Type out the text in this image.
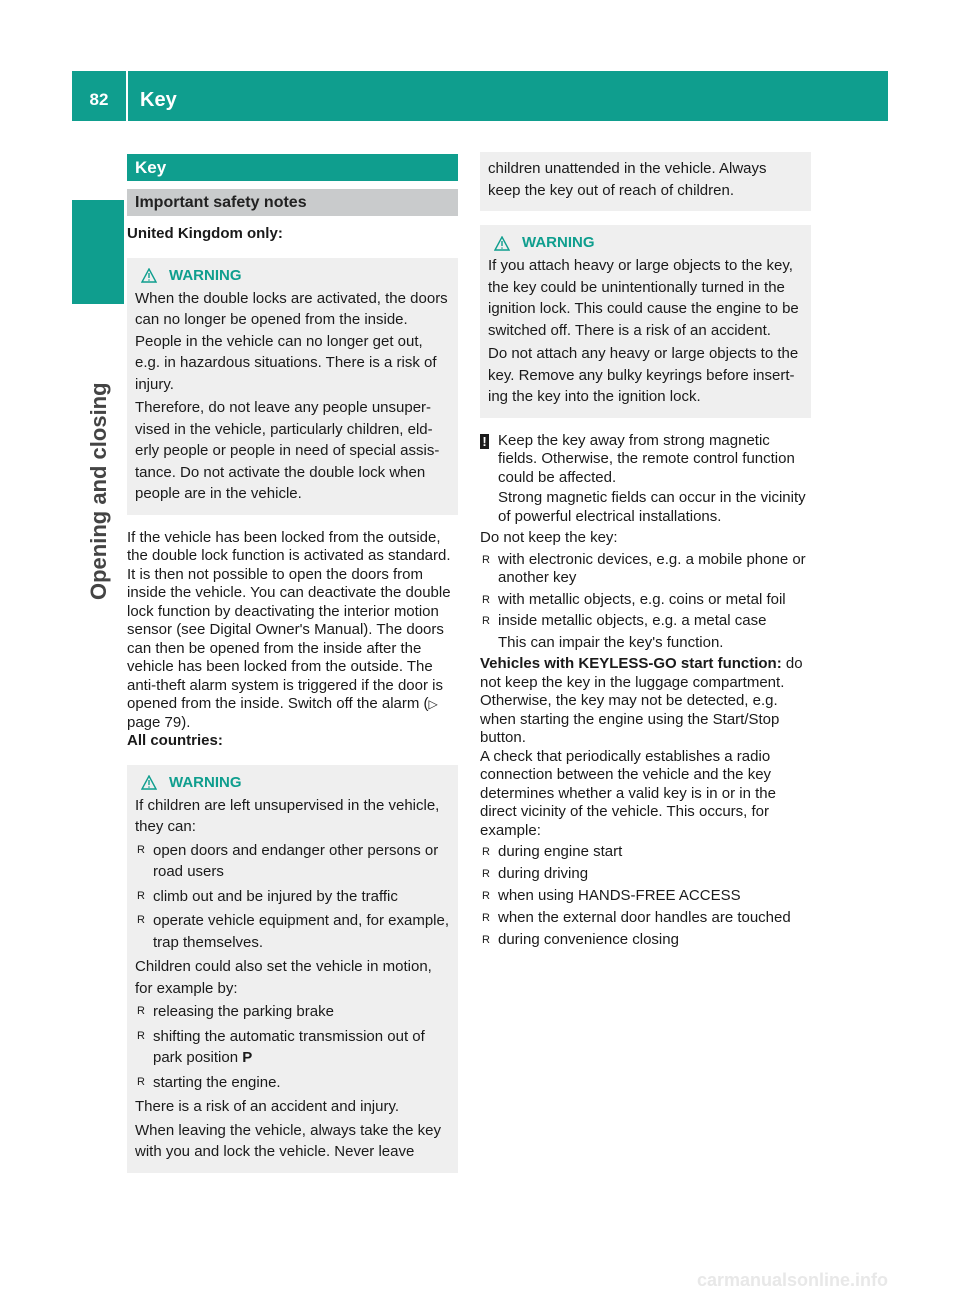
82	Key
Opening and closing
Key
Important safety notes

United Kingdom only:

WARNING

When the double locks are activated, the doors can no longer be opened from the inside. People in the vehicle can no longer get out, e.g. in hazardous situations. There is a risk of injury.

Therefore, do not leave any people unsupervised in the vehicle, particularly children, elderly people or people in need of special assistance. Do not activate the double lock when people are in the vehicle.

If the vehicle has been locked from the outside, the double lock function is activated as standard. It is then not possible to open the doors from inside the vehicle. You can deactivate the double lock function by deactivating the interior motion sensor (see Digital Owner's Manual). The doors can then be opened from the inside after the vehicle has been locked from the outside. The anti-theft alarm system is triggered if the door is opened from the inside. Switch off the alarm (▷ page 79).

All countries:

WARNING

If children are left unsupervised in the vehicle, they can:

R open doors and endanger other persons or road users
R climb out and be injured by the traffic
R operate vehicle equipment and, for example, trap themselves.

Children could also set the vehicle in motion, for example by:

R releasing the parking brake
R shifting the automatic transmission out of park position P
R starting the engine.

There is a risk of an accident and injury.

When leaving the vehicle, always take the key with you and lock the vehicle. Never leave

children unattended in the vehicle. Always keep the key out of reach of children.

WARNING

If you attach heavy or large objects to the key, the key could be unintentionally turned in the ignition lock. This could cause the engine to be switched off. There is a risk of an accident.

Do not attach any heavy or large objects to the key. Remove any bulky keyrings before inserting the key into the ignition lock.

! Keep the key away from strong magnetic fields. Otherwise, the remote control function could be affected.

Strong magnetic fields can occur in the vicinity of powerful electrical installations.

Do not keep the key:

R with electronic devices, e.g. a mobile phone or another key
R with metallic objects, e.g. coins or metal foil
R inside metallic objects, e.g. a metal case

This can impair the key's function.

Vehicles with KEYLESS-GO start function: do not keep the key in the luggage compartment. Otherwise, the key may not be detected, e.g. when starting the engine using the Start/Stop button.

A check that periodically establishes a radio connection between the vehicle and the key determines whether a valid key is in or in the direct vicinity of the vehicle. This occurs, for example:

R during engine start
R during driving
R when using HANDS-FREE ACCESS
R when the external door handles are touched
R during convenience closing
carmanualsonline.info
